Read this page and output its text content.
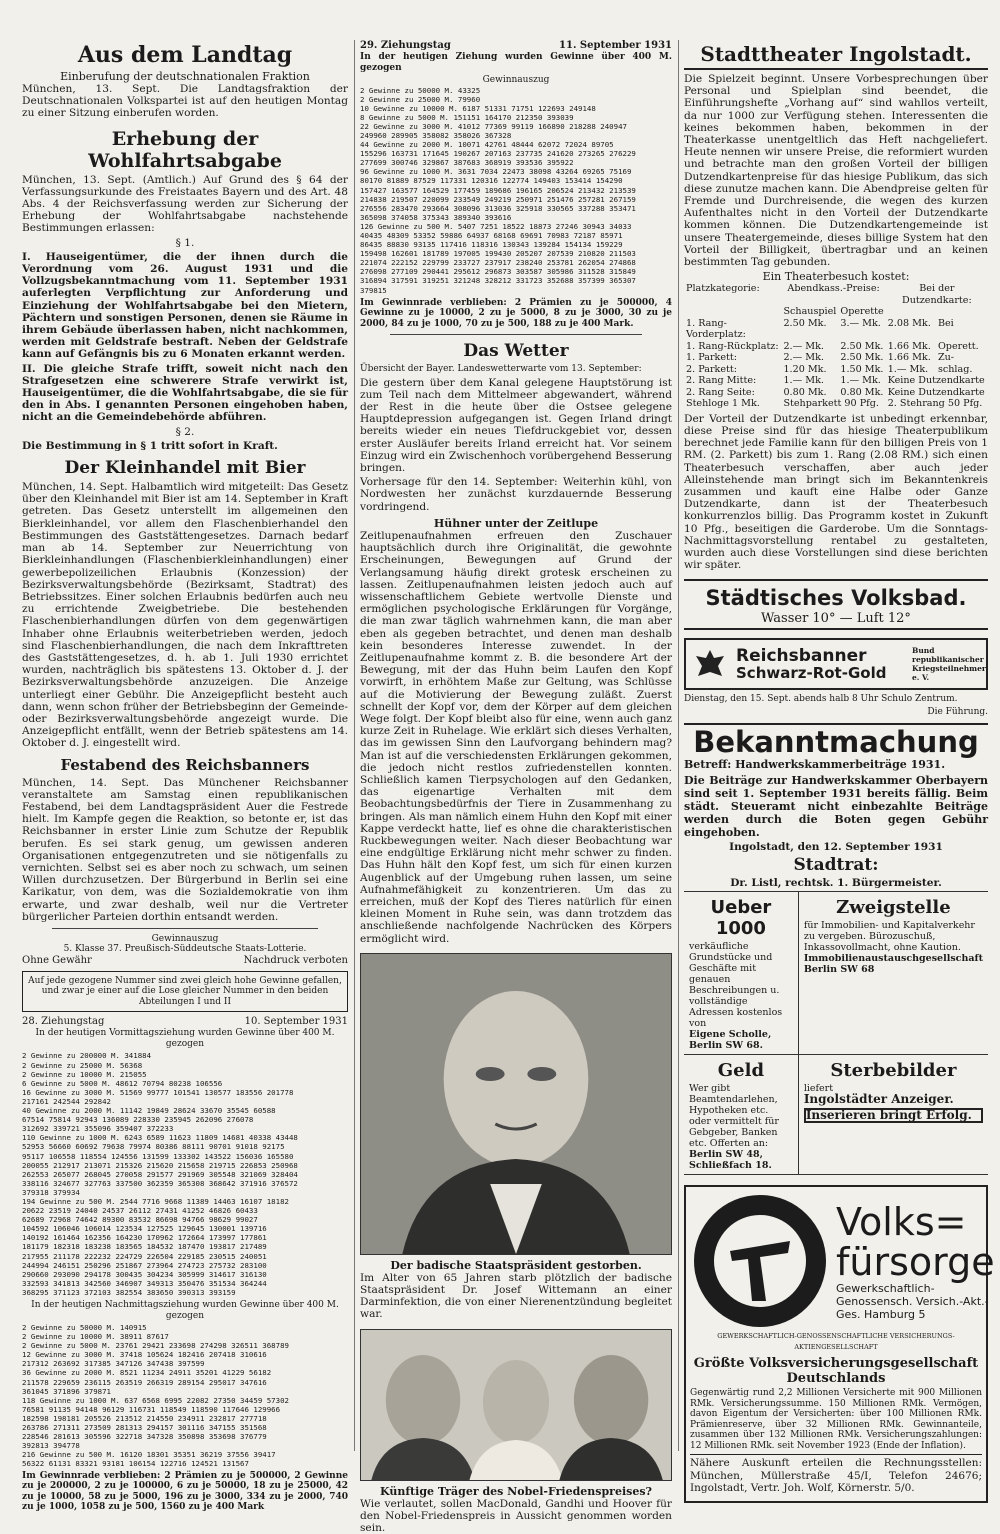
Aus dem Landtag
Einberufung der deutschnationalen Fraktion

München, 13. Sept. Die Landtagsfraktion der Deutschnationalen Volkspartei ist auf den heutigen Montag zu einer Sitzung einberufen worden.

Erhebung der Wohlfahrtsabgabe

München, 13. Sept. (Amtlich.) Auf Grund des § 64 der Verfassungsurkunde des Freistaates Bayern und des Art. 48 Abs. 4 der Reichsverfassung werden zur Sicherung der Erhebung der Wohlfahrtsabgabe nachstehende Bestimmungen erlassen:

§ 1.

I. Hauseigentümer, die der ihnen durch die Verordnung vom 26. August 1931 und die Vollzugsbekanntmachung vom 11. September 1931 auferlegten Verpflichtung zur Anforderung und Einziehung der Wohlfahrtsabgabe bei den Mietern, Pächtern und sonstigen Personen, denen sie Räume in ihrem Gebäude überlassen haben, nicht nachkommen, werden mit Geldstrafe bestraft. Neben der Geldstrafe kann auf Gefängnis bis zu 6 Monaten erkannt werden.

II. Die gleiche Strafe trifft, soweit nicht nach den Strafgesetzen eine schwerere Strafe verwirkt ist, Hauseigentümer, die die Wohlfahrtsabgabe, die sie für den in Abs. I genannten Personen eingehoben haben, nicht an die Gemeindebehörde abführen.

§ 2.

Die Bestimmung in § 1 tritt sofort in Kraft.

Der Kleinhandel mit Bier

München, 14. Sept. Halbamtlich wird mitgeteilt: Das Gesetz über den Kleinhandel mit Bier ist am 14. September in Kraft getreten. Das Gesetz unterstellt im allgemeinen den Bierkleinhandel, vor allem den Flaschenbierhandel den Bestimmungen des Gaststättengesetzes. Darnach bedarf man ab 14. September zur Neuerrichtung von Bierkleinhandlungen (Flaschenbierkleinhandlungen) einer gewerbepolizeilichen Erlaubnis (Konzession) der Bezirksverwaltungsbehörde (Bezirksamt, Stadtrat) des Betriebssitzes. Einer solchen Erlaubnis bedürfen auch neu zu errichtende Zweigbetriebe. Die bestehenden Flaschenbierhandlungen dürfen von dem gegenwärtigen Inhaber ohne Erlaubnis weiterbetrieben werden, jedoch sind Flaschenbierhandlungen, die nach dem Inkrafttreten des Gaststättengesetzes, d. h. ab 1. Juli 1930 errichtet wurden, nachträglich bis spätestens 13. Oktober d. J. der Bezirksverwaltungsbehörde anzuzeigen. Die Anzeige unterliegt einer Gebühr. Die Anzeigepflicht besteht auch dann, wenn schon früher der Betriebsbeginn der Gemeinde- oder Bezirksverwaltungsbehörde angezeigt wurde. Die Anzeigepflicht entfällt, wenn der Betrieb spätestens am 14. Oktober d. J. eingestellt wird.

Festabend des Reichsbanners

München, 14. Sept. Das Münchener Reichsbanner veranstaltete am Samstag einen republikanischen Festabend, bei dem Landtagspräsident Auer die Festrede hielt. Im Kampfe gegen die Reaktion, so betonte er, ist das Reichsbanner in erster Linie zum Schutze der Republik berufen. Es sei stark genug, um gewissen anderen Organisationen entgegenzutreten und sie nötigenfalls zu vernichten. Selbst sei es aber noch zu schwach, um seinen Willen durchzusetzen. Der Bürgerbund in Berlin sei eine Karikatur, von dem, was die Sozialdemokratie von ihm erwarte, und zwar deshalb, weil nur die Vertreter bürgerlicher Parteien dorthin entsandt werden.

Gewinnauszug
5. Klasse 37. Preußisch-Süddeutsche Staats-Lotterie.
Ohne Gewähr	Nachdruck verboten
Auf jede gezogene Nummer sind zwei gleich hohe Gewinne gefallen, und zwar je einer auf die Lose gleicher Nummer in den beiden Abteilungen I und II
28. Ziehungstag	10. September 1931

In der heutigen Vormittagsziehung wurden Gewinne über 400 M. gezogen

2 Gewinne zu 200000 M. 341884
2 Gewinne zu 25000 M. 56368
2 Gewinne zu 10000 M. 215055
6 Gewinne zu 5000 M. 48612 70794 80238 106556
16 Gewinne zu 3000 M. 51569 99777 101541 130577 183556 201778
217161 242544 292842
40 Gewinne zu 2000 M. 11142 19849 28624 33670 35545 60588
67514 75814 92943 136089 228330 235945 262096 276078
312692 339721 355096 359407 372233
110 Gewinne zu 1000 M. 6243 6589 11623 11809 14681 40338 43448
52953 56660 60692 79638 79974 80386 88111 90701 91018 92175
95117 106558 118554 124556 131599 133302 143522 156036 165580
200055 212917 213071 215326 215620 215658 219715 226853 250968
262553 265077 268045 270058 291577 291969 305548 321069 328404
338116 324677 327763 337500 362359 365308 368642 371916 376572
379318 379934
194 Gewinne zu 500 M. 2544 7716 9668 11389 14463 16107 18182
20622 23519 24040 24537 26112 27431 41252 46826 60433
62689 72968 74642 89300 83532 86698 94766 98629 99027
104592 106046 106014 123534 127525 129645 130001 139716
140192 161464 162356 164230 170962 172664 173997 177861
181179 182318 183238 183565 184532 187470 193817 217489
217955 211178 222232 224729 226504 229185 230515 240051
244994 246151 250296 251867 273964 274723 275732 283100
290660 293090 294178 300435 304234 305999 314617 316130
332593 341813 342560 346907 349313 350476 351534 364244
368295 371123 372103 382554 383650 390313 393159

In der heutigen Nachmittagsziehung wurden Gewinne über 400 M. gezogen

2 Gewinne zu 50000 M. 140915
2 Gewinne zu 10000 M. 38911 87617
2 Gewinne zu 5000 M. 23761 29421 233698 274298 326511 368789
12 Gewinne zu 3000 M. 37418 105624 182416 207418 310616
217312 263692 317385 347126 347438 397599
36 Gewinne zu 2000 M. 8521 11234 24911 35201 41229 56182
211578 229659 236115 263519 266319 289154 295017 347616
361045 371896 379871
118 Gewinne zu 1000 M. 637 6568 6995 22082 27350 34459 57302
76581 91135 94148 96129 116731 118549 118590 117646 129966
182598 198181 205526 213512 214550 234911 232817 277718
263786 271311 273509 281313 294157 301116 347155 351568
228546 281613 305596 322718 347328 350898 353698 376779
392813 394778
216 Gewinne zu 500 M. 16120 18301 35351 36219 37556 39417
56322 61131 83321 93181 106154 122716 124521 131567

Im Gewinnrade verblieben: 2 Prämien zu je 500000, 2 Gewinne zu je 200000, 2 zu je 100000, 6 zu je 50000, 18 zu je 25000, 42 zu je 10000, 58 zu je 5000, 196 zu je 3000, 334 zu je 2000, 740 zu je 1000, 1058 zu je 500, 1560 zu je 400 Mark

29. Ziehungstag	11. September 1931

In der heutigen Ziehung wurden Gewinne über 400 M. gezogen

Gewinnauszug
2 Gewinne zu 50000 M. 43325
2 Gewinne zu 25000 M. 79960
10 Gewinne zu 10000 M. 6187 51331 71751 122693 249148
8 Gewinne zu 5000 M. 151151 164170 212350 393039
22 Gewinne zu 3000 M. 41012 77369 99119 166890 218288 240947
249960 289905 358082 358026 367328
44 Gewinne zu 2000 M. 10071 42761 48444 62072 72024 89705
155296 163731 171645 190267 207163 237735 241620 273265 276229
277699 300746 329867 387683 368919 393536 395922
96 Gewinne zu 1000 M. 3631 7034 22473 38098 43264 69265 75169
80170 81889 87529 117331 120316 122774 149403 153414 154290
157427 163577 164529 177459 189686 196165 206524 213432 213539
214838 219507 220099 233549 249219 250971 251476 257281 267159
276556 283470 293664 308096 313036 325918 330565 337288 353471
365098 374058 375343 389340 393616
126 Gewinne zu 500 M. 5407 7251 18522 18873 27246 30943 34033
40435 48309 53352 59886 64937 68168 69691 70983 72187 85971
86435 88830 93135 117416 118316 130343 139284 154134 159229
159498 162601 181789 197005 199430 205207 207539 210820 211503
221074 222152 229799 233727 237917 238240 253781 262054 274868
276098 277109 290441 295612 296873 303587 305986 311528 315849
316894 317591 319251 321248 328212 331723 352688 357399 365307
379815

Im Gewinnrade verblieben: 2 Prämien zu je 500000, 4 Gewinne zu je 10000, 2 zu je 5000, 8 zu je 3000, 30 zu je 2000, 84 zu je 1000, 70 zu je 500, 188 zu je 400 Mark.

Das Wetter

Übersicht der Bayer. Landeswetterwarte vom 13. September:

Die gestern über dem Kanal gelegene Hauptstörung ist zum Teil nach dem Mittelmeer abgewandert, während der Rest in die heute über die Ostsee gelegene Hauptdepression aufgegangen ist. Gegen Irland dringt bereits wieder ein neues Tiefdruckgebiet vor, dessen erster Ausläufer bereits Irland erreicht hat. Vor seinem Einzug wird ein Zwischenhoch vorübergehend Besserung bringen.

Vorhersage für den 14. September: Weiterhin kühl, von Nordwesten her zunächst kurzdauernde Besserung vordringend.

Hühner unter der Zeitlupe

Zeitlupenaufnahmen erfreuen den Zuschauer hauptsächlich durch ihre Originalität, die gewohnte Erscheinungen, Bewegungen auf Grund der Verlangsamung häufig direkt grotesk erscheinen zu lassen. Zeitlupenaufnahmen leisten jedoch auch auf wissenschaftlichem Gebiete wertvolle Dienste und ermöglichen psychologische Erklärungen für Vorgänge, die man zwar täglich wahrnehmen kann, die man aber eben als gegeben betrachtet, und denen man deshalb kein besonderes Interesse zuwendet. In der Zeitlupenaufnahme kommt z. B. die besondere Art der Bewegung, mit der das Huhn beim Laufen den Kopf vorwirft, in erhöhtem Maße zur Geltung, was Schlüsse auf die Motivierung der Bewegung zuläßt. Zuerst schnellt der Kopf vor, dem der Körper auf dem gleichen Wege folgt. Der Kopf bleibt also für eine, wenn auch ganz kurze Zeit in Ruhelage. Wie erklärt sich dieses Verhalten, das im gewissen Sinn den Laufvorgang behindern mag? Man ist auf die verschiedensten Erklärungen gekommen, die jedoch nicht restlos zufriedenstellen konnten. Schließlich kamen Tierpsychologen auf den Gedanken, das eigenartige Verhalten mit dem Beobachtungsbedürfnis der Tiere in Zusammenhang zu bringen. Als man nämlich einem Huhn den Kopf mit einer Kappe verdeckt hatte, lief es ohne die charakteristischen Ruckbewegungen weiter. Nach dieser Beobachtung war eine endgültige Erklärung nicht mehr schwer zu finden. Das Huhn hält den Kopf fest, um sich für einen kurzen Augenblick auf der Umgebung ruhen lassen, um seine Aufnahmefähigkeit zu konzentrieren. Um das zu erreichen, muß der Kopf des Tieres natürlich für einen kleinen Moment in Ruhe sein, was dann trotzdem das anschließende nachfolgende Nachrücken des Körpers ermöglicht wird.

Der badische Staatspräsident gestorben.

Im Alter von 65 Jahren starb plötzlich der badische Staatspräsident Dr. Josef Wittemann an einer Darminfektion, die von einer Nierenentzündung begleitet war.

Künftige Träger des Nobel-Friedenspreises?

Wie verlautet, sollen MacDonald, Gandhi und Hoover für den Nobel-Friedenspreis in Aussicht genommen worden sein.

Stadttheater Ingolstadt.

Die Spielzeit beginnt. Unsere Vorbesprechungen über Personal und Spielplan sind beendet, die Einführungshefte „Vorhang auf“ sind wahllos verteilt, da nur 1000 zur Verfügung stehen. Interessenten die keines bekommen haben, bekommen in der Theaterkasse unentgeltlich das Heft nachgeliefert. Heute nennen wir unsere Preise, die reformiert wurden und betrachte man den großen Vorteil der billigen Dutzendkartenpreise für das hiesige Publikum, das sich diese zunutze machen kann. Die Abendpreise gelten für Fremde und Durchreisende, die wegen des kurzen Aufenthaltes nicht in den Vorteil der Dutzendkarte kommen können. Die Dutzendkartengemeinde ist unsere Theatergemeinde, dieses billige System hat den Vorteil der Billigkeit, übertragbar und an keinen bestimmten Tag gebunden.

Ein Theaterbesuch kostet:
Platzkategorie:	Abendkass.-Preise:		Bei der Dutzendkarte:	
	Schauspiel	Operette		
1. Rang-Vorderplatz:	2.50 Mk.	3.— Mk.	2.08 Mk.	Bei
1. Rang-Rückplatz:	2.— Mk.	2.50 Mk.	1.66 Mk.	Operett.
1. Parkett:	2.— Mk.	2.50 Mk.	1.66 Mk.	Zu-
2. Parkett:	1.20 Mk.	1.50 Mk.	1.— Mk.	schlag.
2. Rang Mitte:	1.— Mk.	1.— Mk.	Keine Dutzendkarte	
2. Rang Seite:	0.80 Mk.	0.80 Mk.	Keine Dutzendkarte	
Stehloge 1 Mk.	Stehparkett 90 Pfg.		2. Stehrang 50 Pfg.	

Der Vorteil der Dutzendkarte ist unbedingt erkennbar, diese Preise sind für das hiesige Theaterpublikum berechnet jede Familie kann für den billigen Preis von 1 RM. (2. Parkett) bis zum 1. Rang (2.08 RM.) sich einen Theaterbesuch verschaffen, aber auch jeder Alleinstehende man bringt sich im Bekanntenkreis zusammen und kauft eine Halbe oder Ganze Dutzendkarte, dann ist der Theaterbesuch konkurrenzlos billig. Das Programm kostet in Zukunft 10 Pfg., beseitigen die Garderobe. Um die Sonntags-Nachmittagsvorstellung rentabel zu gestalteten, wurden auch diese Vorstellungen sind diese berichten wir später.

Städtisches Volksbad.
Wasser 10° — Luft 12°
Reichsbanner
Schwarz-Rot-Gold
Bund republikanischer Kriegsteilnehmer e. V.

Dienstag, den 15. Sept. abends halb 8 Uhr Schulo Zentrum.

Die Führung.

Bekanntmachung

Betreff: Handwerkskammerbeiträge 1931.

Die Beiträge zur Handwerkskammer Oberbayern sind seit 1. September 1931 bereits fällig. Beim städt. Steueramt nicht einbezahlte Beiträge werden durch die Boten gegen Gebühr eingehoben.

Ingolstadt, den 12. September 1931

Stadtrat:

Dr. Listl, rechtsk. 1. Bürgermeister.

Ueber 1000
verkäufliche Grundstücke und Geschäfte mit genauen Beschreibungen u. vollständige Adressen kostenlos von
Eigene Scholle, Berlin SW 68.
Zweigstelle
für Immobilien- und Kapitalverkehr zu vergeben. Bürozuschuß, Inkassovollmacht, ohne Kaution.
Immobilienaustauschgesellschaft Berlin SW 68
Geld
Wer gibt Beamtendarlehen, Hypotheken etc. oder vermittelt für Gebgeber, Banken etc. Offerten an:
Berlin SW 48, Schließfach 18.
Sterbebilder
liefert
Ingolstädter Anzeiger.
Inserieren bringt Erfolg.
Volks=
fürsorge
Gewerkschaftlich-Genossensch. Versich.-Akt.-Ges. Hamburg 5
GEWERKSCHAFTLICH-GENOSSENSCHAFTLICHE VERSICHERUNGS-AKTIENGESELLSCHAFT
Größte Volksversicherungsgesellschaft Deutschlands

Gegenwärtig rund 2,2 Millionen Versicherte mit 900 Millionen RMk. Versicherungssumme. 150 Millionen RMk. Vermögen, davon Eigentum der Versicherten: über 100 Millionen RMk. Prämienreserve, über 32 Millionen RMk. Gewinnanteile, zusammen über 132 Millionen RMk. Versicherungszahlungen: 12 Millionen RMk. seit November 1923 (Ende der Inflation).

Nähere Auskunft erteilen die Rechnungsstellen: München, Müllerstraße 45/I, Telefon 24676; Ingolstadt, Vertr. Joh. Wolf, Körnerstr. 5/0.
